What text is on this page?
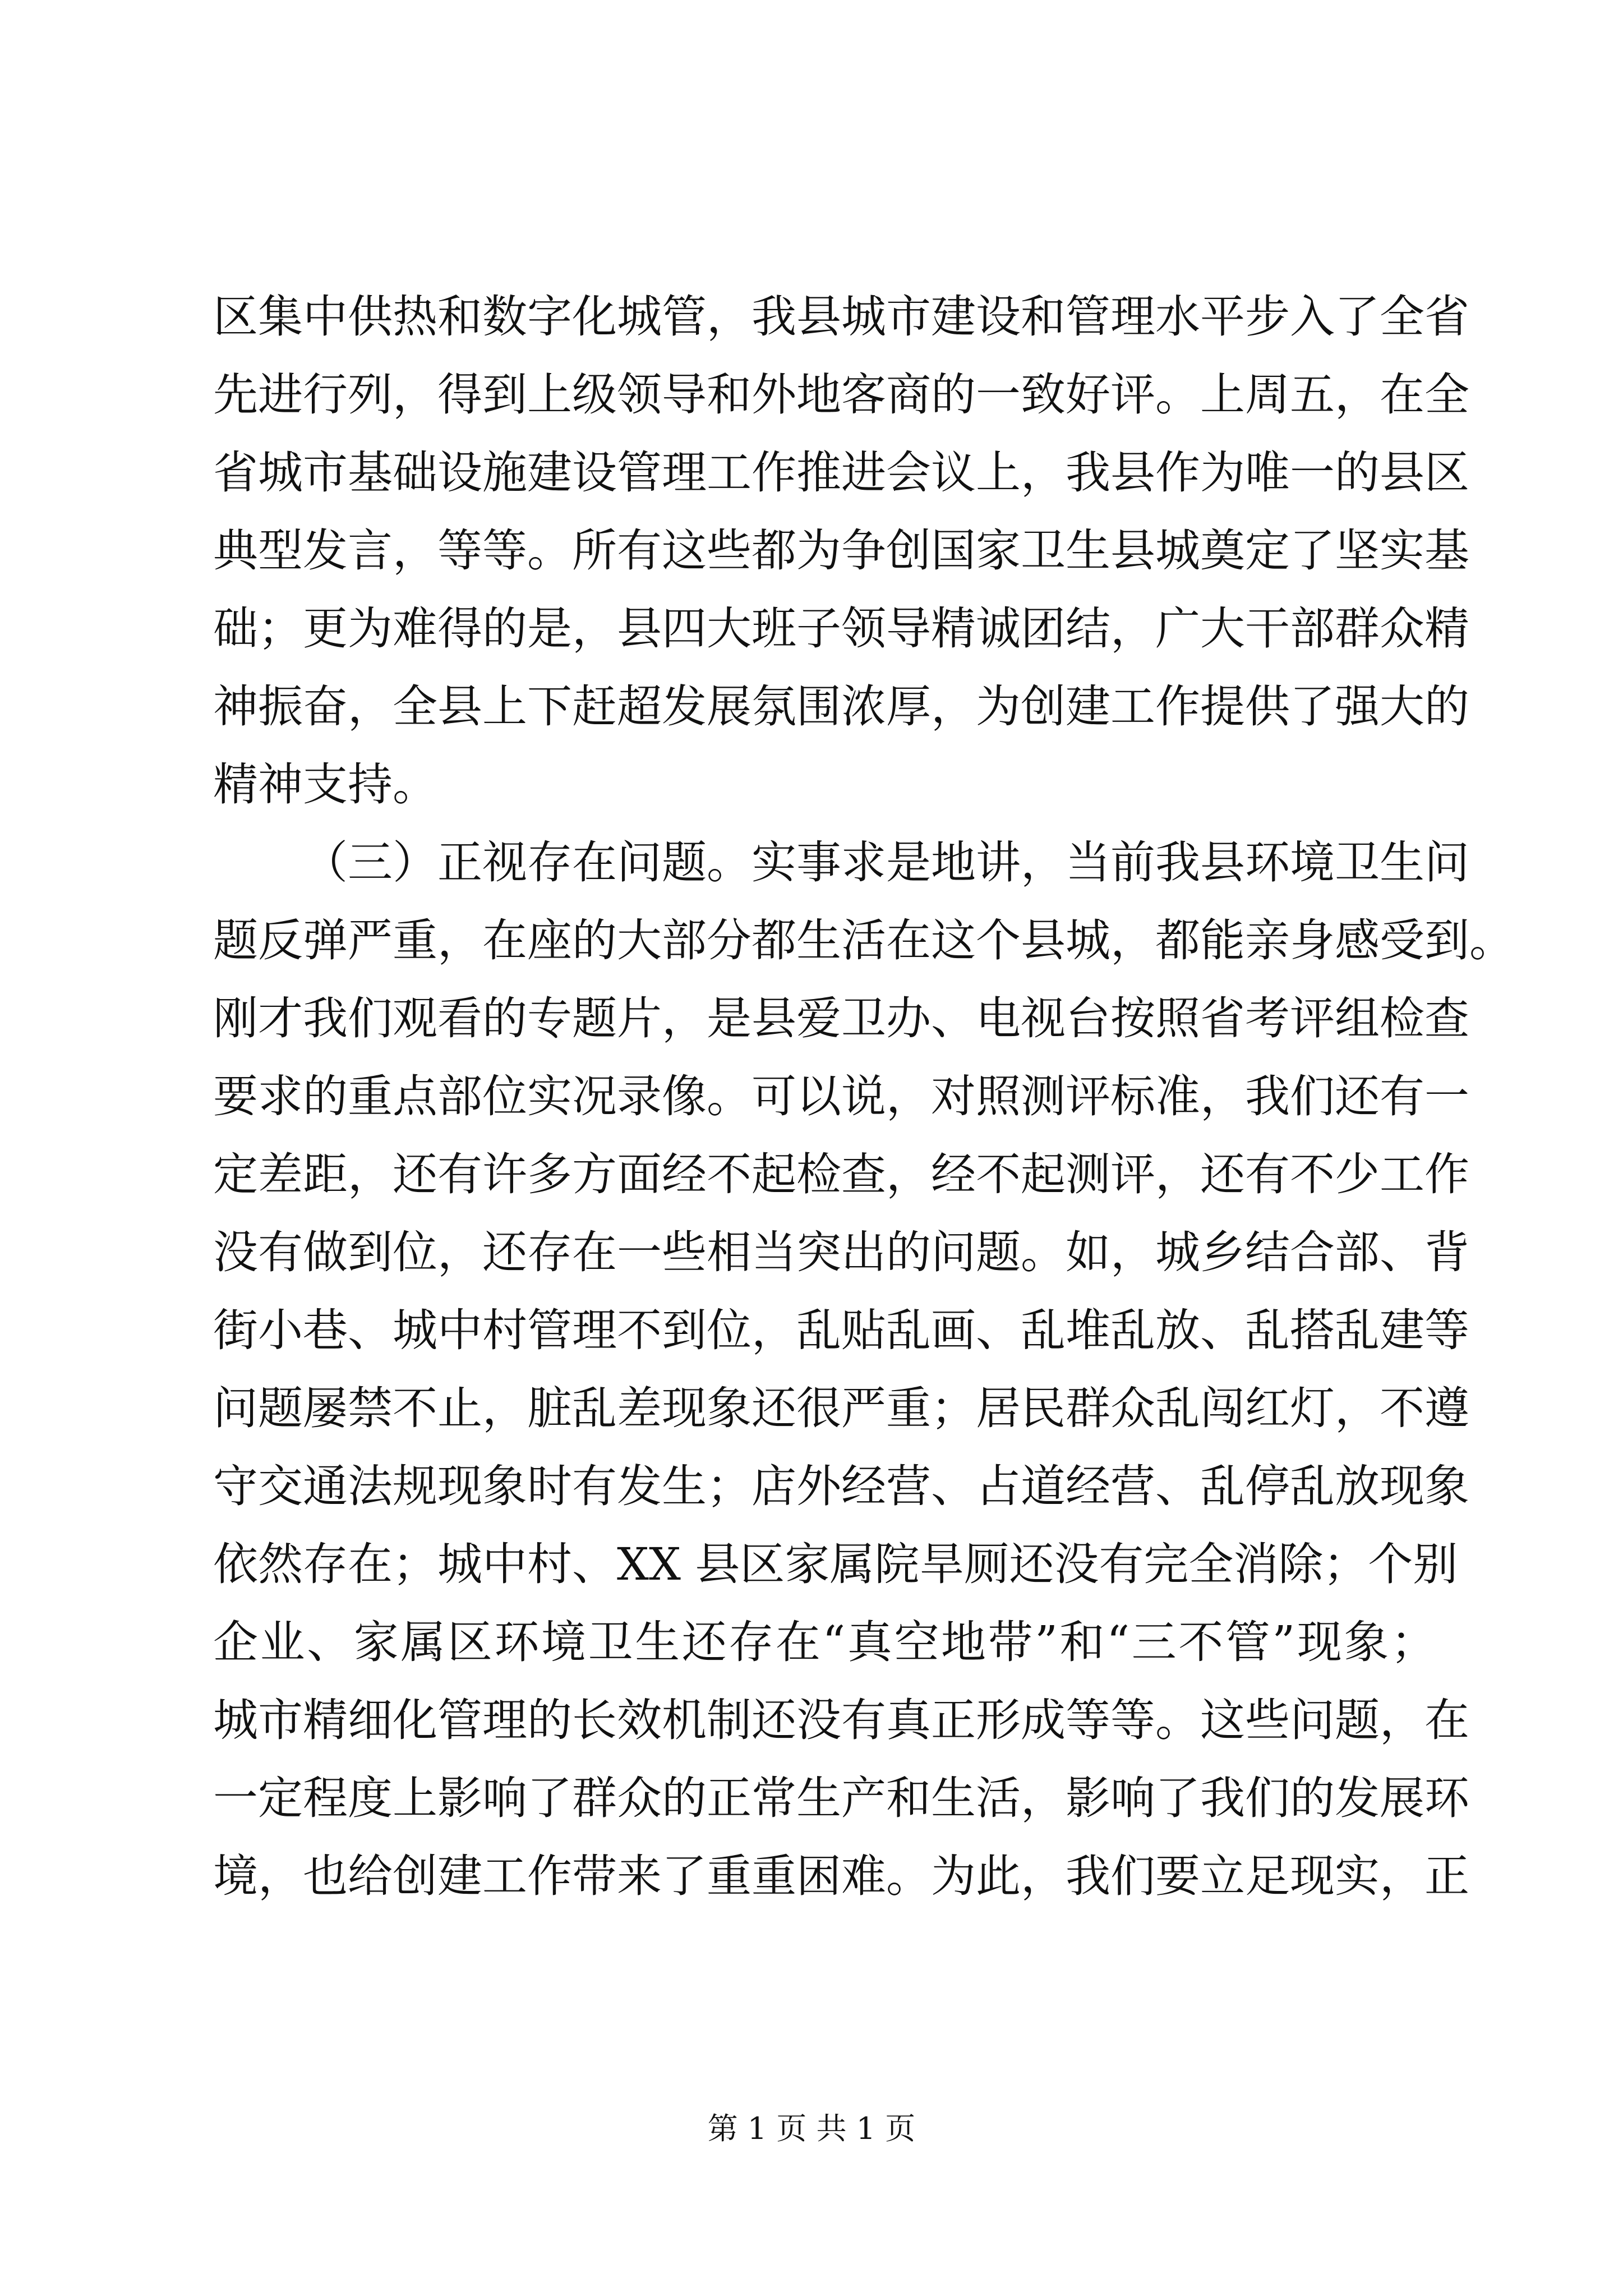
区集中供热和数字化城管，我县城市建设和管理水平步入了全省
先进行列，得到上级领导和外地客商的一致好评。上周五，在全
省城市基础设施建设管理工作推进会议上，我县作为唯一的县区
典型发言，等等。所有这些都为争创国家卫生县城奠定了坚实基
础；更为难得的是，县四大班子领导精诚团结，广大干部群众精
神振奋，全县上下赶超发展氛围浓厚，为创建工作提供了强大的
精神支持。
（三）正视存在问题。实事求是地讲，当前我县环境卫生问
题反弹严重，在座的大部分都生活在这个县城，都能亲身感受到。
刚才我们观看的专题片，是县爱卫办、电视台按照省考评组检查
要求的重点部位实况录像。可以说，对照测评标准，我们还有一
定差距，还有许多方面经不起检查，经不起测评，还有不少工作
没有做到位，还存在一些相当突出的问题。如，城乡结合部、背
街小巷、城中村管理不到位，乱贴乱画、乱堆乱放、乱搭乱建等
问题屡禁不止，脏乱差现象还很严重；居民群众乱闯红灯，不遵
守交通法规现象时有发生；店外经营、占道经营、乱停乱放现象
依然存在；城中村、XX 县区家属院旱厕还没有完全消除；个别
企业、家属区环境卫生还存在“真空地带”和“三不管”现象；
城市精细化管理的长效机制还没有真正形成等等。这些问题，在
一定程度上影响了群众的正常生产和生活，影响了我们的发展环
境，也给创建工作带来了重重困难。为此，我们要立足现实，正
第 1 页 共 1 页
